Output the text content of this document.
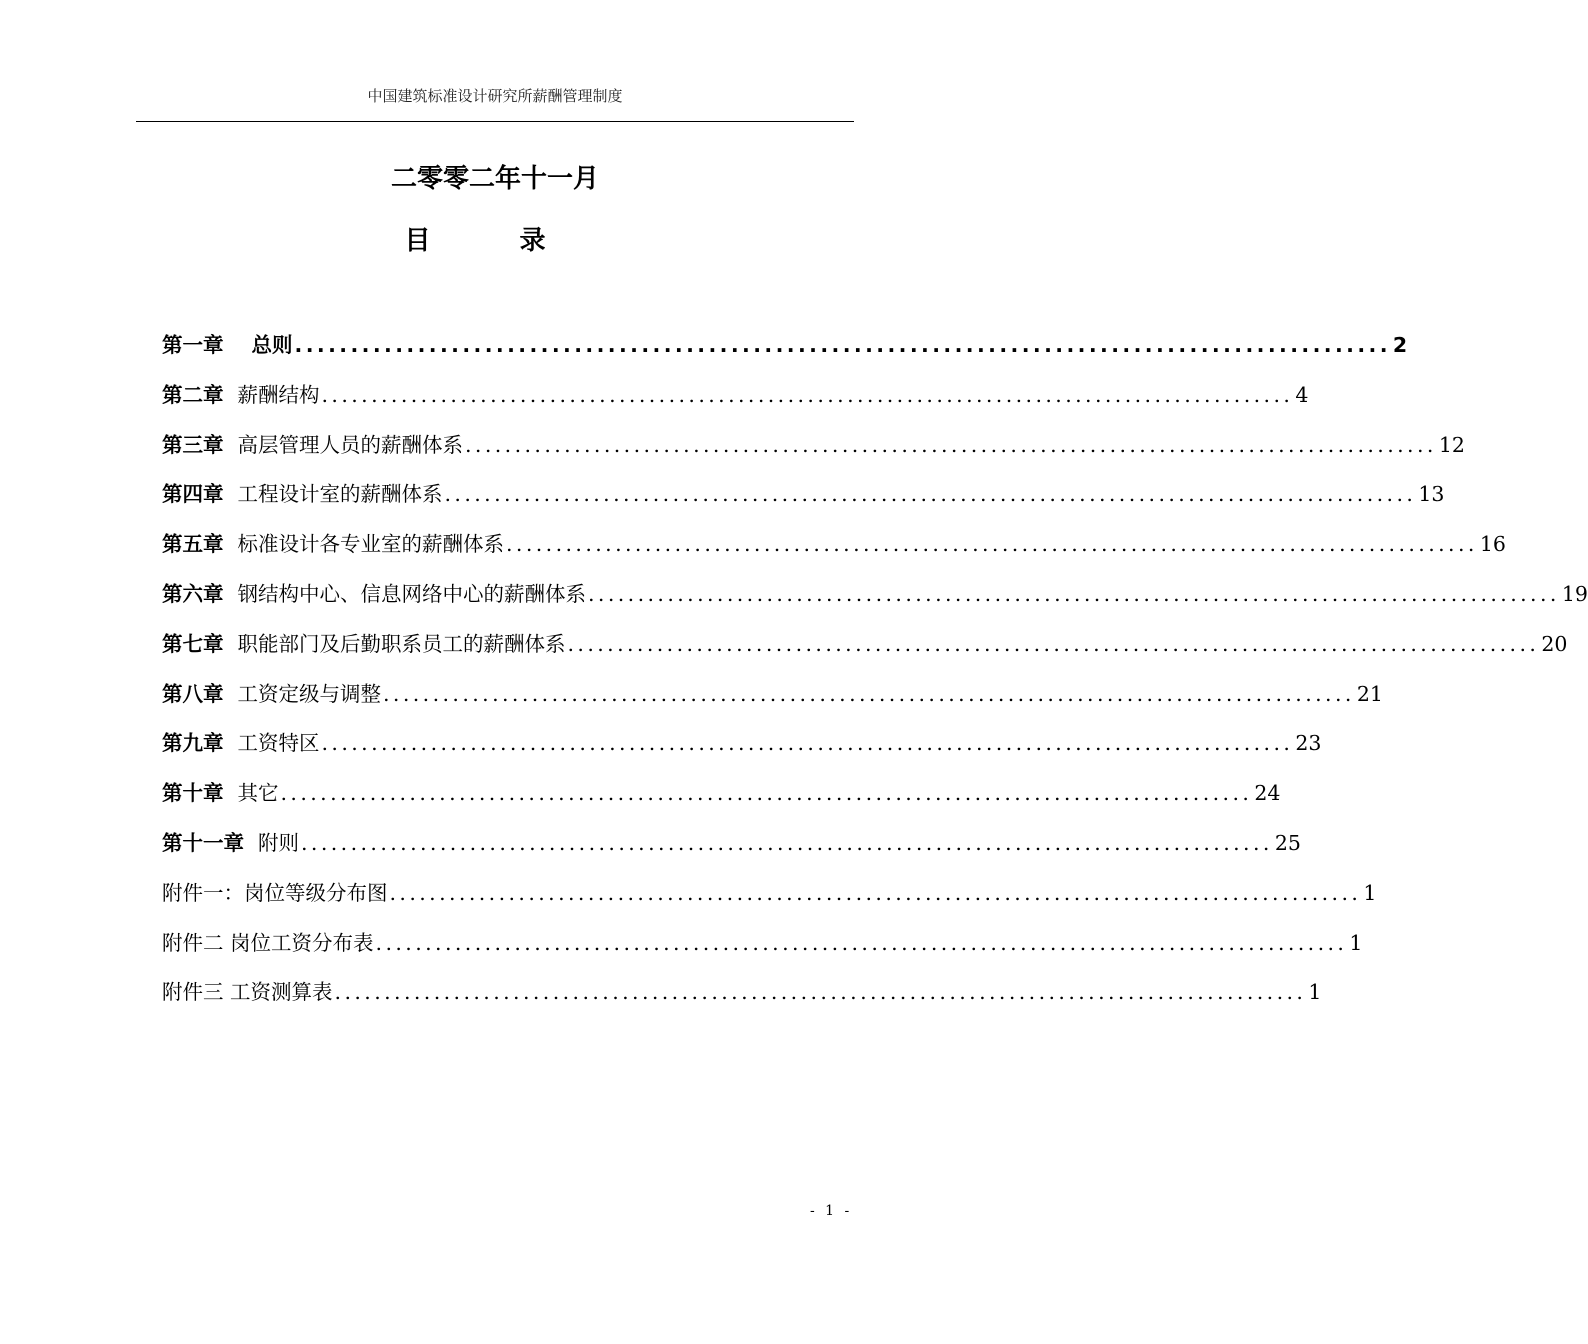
中国建筑标准设计研究所薪酬管理制度
二零零二年十一月
目 录
第一章 总则 .................................................................................................. 2
第二章 薪酬结构 .................................................................................................. 4
第三章 高层管理人员的薪酬体系 .................................................................................................. 12
第四章 工程设计室的薪酬体系 .................................................................................................. 13
第五章 标准设计各专业室的薪酬体系 .................................................................................................. 16
第六章 钢结构中心、信息网络中心的薪酬体系 .................................................................................................. 19
第七章 职能部门及后勤职系员工的薪酬体系 .................................................................................................. 20
第八章 工资定级与调整 .................................................................................................. 21
第九章 工资特区 .................................................................................................. 23
第十章 其它 .................................................................................................. 24
第十一章 附则 .................................................................................................. 25
附件一：岗位等级分布图 .................................................................................................. 1
附件二 岗位工资分布表 .................................................................................................. 1
附件三 工资测算表 .................................................................................................. 1
- 1 -
